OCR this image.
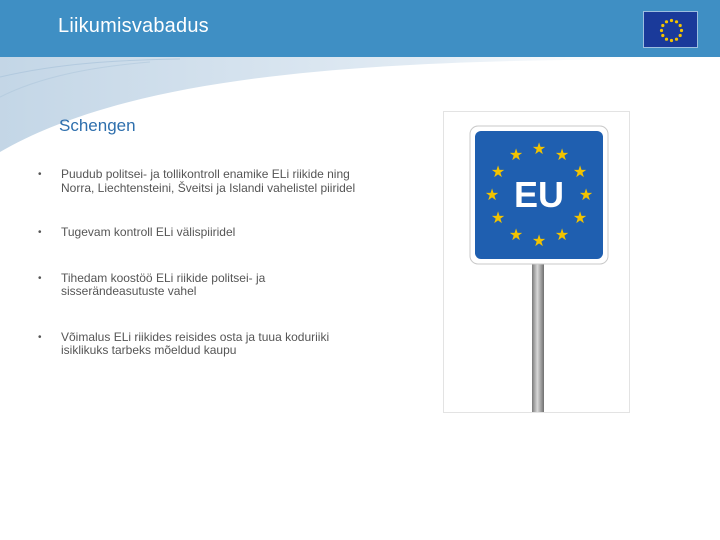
Liikumisvabadus
Schengen
• Puudub politsei- ja tollikontroll enamike ELi riikide ning Norra, Liechtensteini, Šveitsi ja Islandi vahelistel piiridel
• Tugevam kontroll ELi välispiiridel
• Tihedam koostöö ELi riikide politsei- ja sisserändeasutuste vahel
• Võimalus ELi riikides reisides osta ja tuua koduriiki isiklikuks tarbeks mõeldud kaupu
EU
★ ★
★
★
★
★
★
★
★
★
★
★
